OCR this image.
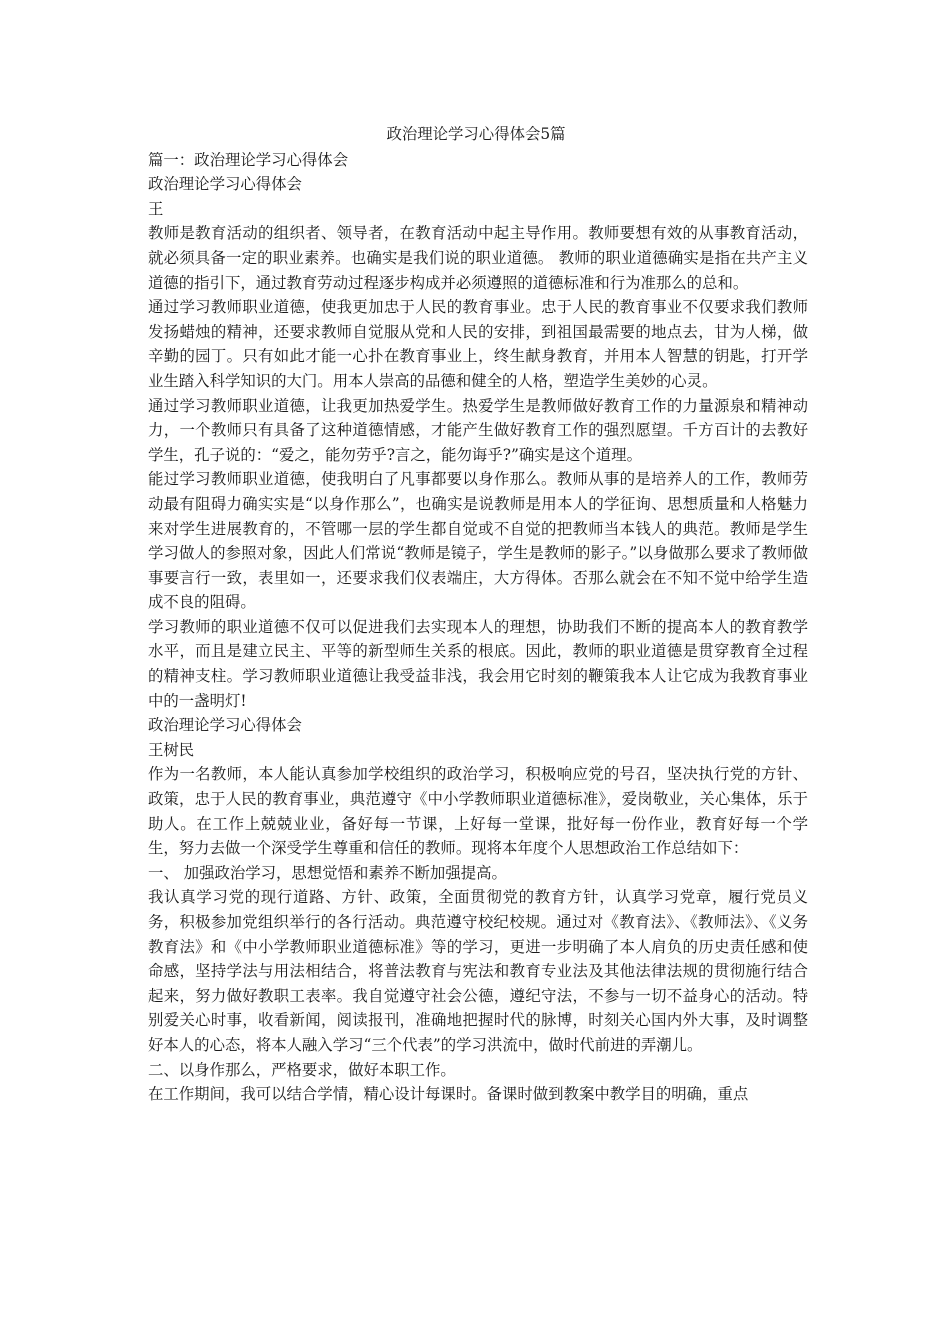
政治理论学习心得体会5篇
篇一：政治理论学习心得体会
政治理论学习心得体会
王
教师是教育活动的组织者、领导者，在教育活动中起主导作用。教师要想有效的从事教育活动，就必须具备一定的职业素养。也确实是我们说的职业道德。 教师的职业道德确实是指在共产主义道德的指引下，通过教育劳动过程逐步构成并必须遵照的道德标准和行为准那么的总和。
通过学习教师职业道德，使我更加忠于人民的教育事业。忠于人民的教育事业不仅要求我们教师发扬蜡烛的精神，还要求教师自觉服从党和人民的安排，到祖国最需要的地点去，甘为人梯，做辛勤的园丁。只有如此才能一心扑在教育事业上，终生献身教育，并用本人智慧的钥匙，打开学业生踏入科学知识的大门。用本人崇高的品德和健全的人格，塑造学生美妙的心灵。
通过学习教师职业道德，让我更加热爱学生。热爱学生是教师做好教育工作的力量源泉和精神动力，一个教师只有具备了这种道德情感，才能产生做好教育工作的强烈愿望。千方百计的去教好学生，孔子说的：“爱之，能勿劳乎?言之，能勿诲乎?”确实是这个道理。
能过学习教师职业道德，使我明白了凡事都要以身作那么。教师从事的是培养人的工作，教师劳动最有阻碍力确实实是“以身作那么”，也确实是说教师是用本人的学征询、思想质量和人格魅力来对学生进展教育的，不管哪一层的学生都自觉或不自觉的把教师当本钱人的典范。教师是学生学习做人的参照对象，因此人们常说“教师是镜子，学生是教师的影子。”以身做那么要求了教师做事要言行一致，表里如一，还要求我们仪表端庄，大方得体。否那么就会在不知不觉中给学生造成不良的阻碍。
学习教师的职业道德不仅可以促进我们去实现本人的理想，协助我们不断的提高本人的教育教学水平，而且是建立民主、平等的新型师生关系的根底。因此，教师的职业道德是贯穿教育全过程的精神支柱。学习教师职业道德让我受益非浅，我会用它时刻的鞭策我本人让它成为我教育事业中的一盏明灯!
政治理论学习心得体会
王树民
作为一名教师，本人能认真参加学校组织的政治学习，积极响应党的号召，坚决执行党的方针、政策，忠于人民的教育事业，典范遵守《中小学教师职业道德标准》，爱岗敬业，关心集体，乐于助人。在工作上兢兢业业，备好每一节课，上好每一堂课，批好每一份作业，教育好每一个学生，努力去做一个深受学生尊重和信任的教师。现将本年度个人思想政治工作总结如下：
一、 加强政治学习，思想觉悟和素养不断加强提高。
我认真学习党的现行道路、方针、政策，全面贯彻党的教育方针，认真学习党章，履行党员义务，积极参加党组织举行的各行活动。典范遵守校纪校规。通过对《教育法》、《教师法》、《义务教育法》和《中小学教师职业道德标准》等的学习，更进一步明确了本人肩负的历史责任感和使命感，坚持学法与用法相结合，将普法教育与宪法和教育专业法及其他法律法规的贯彻施行结合起来，努力做好教职工表率。我自觉遵守社会公德，遵纪守法，不参与一切不益身心的活动。特别爱关心时事，收看新闻，阅读报刊，准确地把握时代的脉博，时刻关心国内外大事，及时调整好本人的心态，将本人融入学习“三个代表”的学习洪流中，做时代前进的弄潮儿。
二、以身作那么，严格要求，做好本职工作。
在工作期间，我可以结合学情，精心设计每课时。备课时做到教案中教学目的明确，重点
